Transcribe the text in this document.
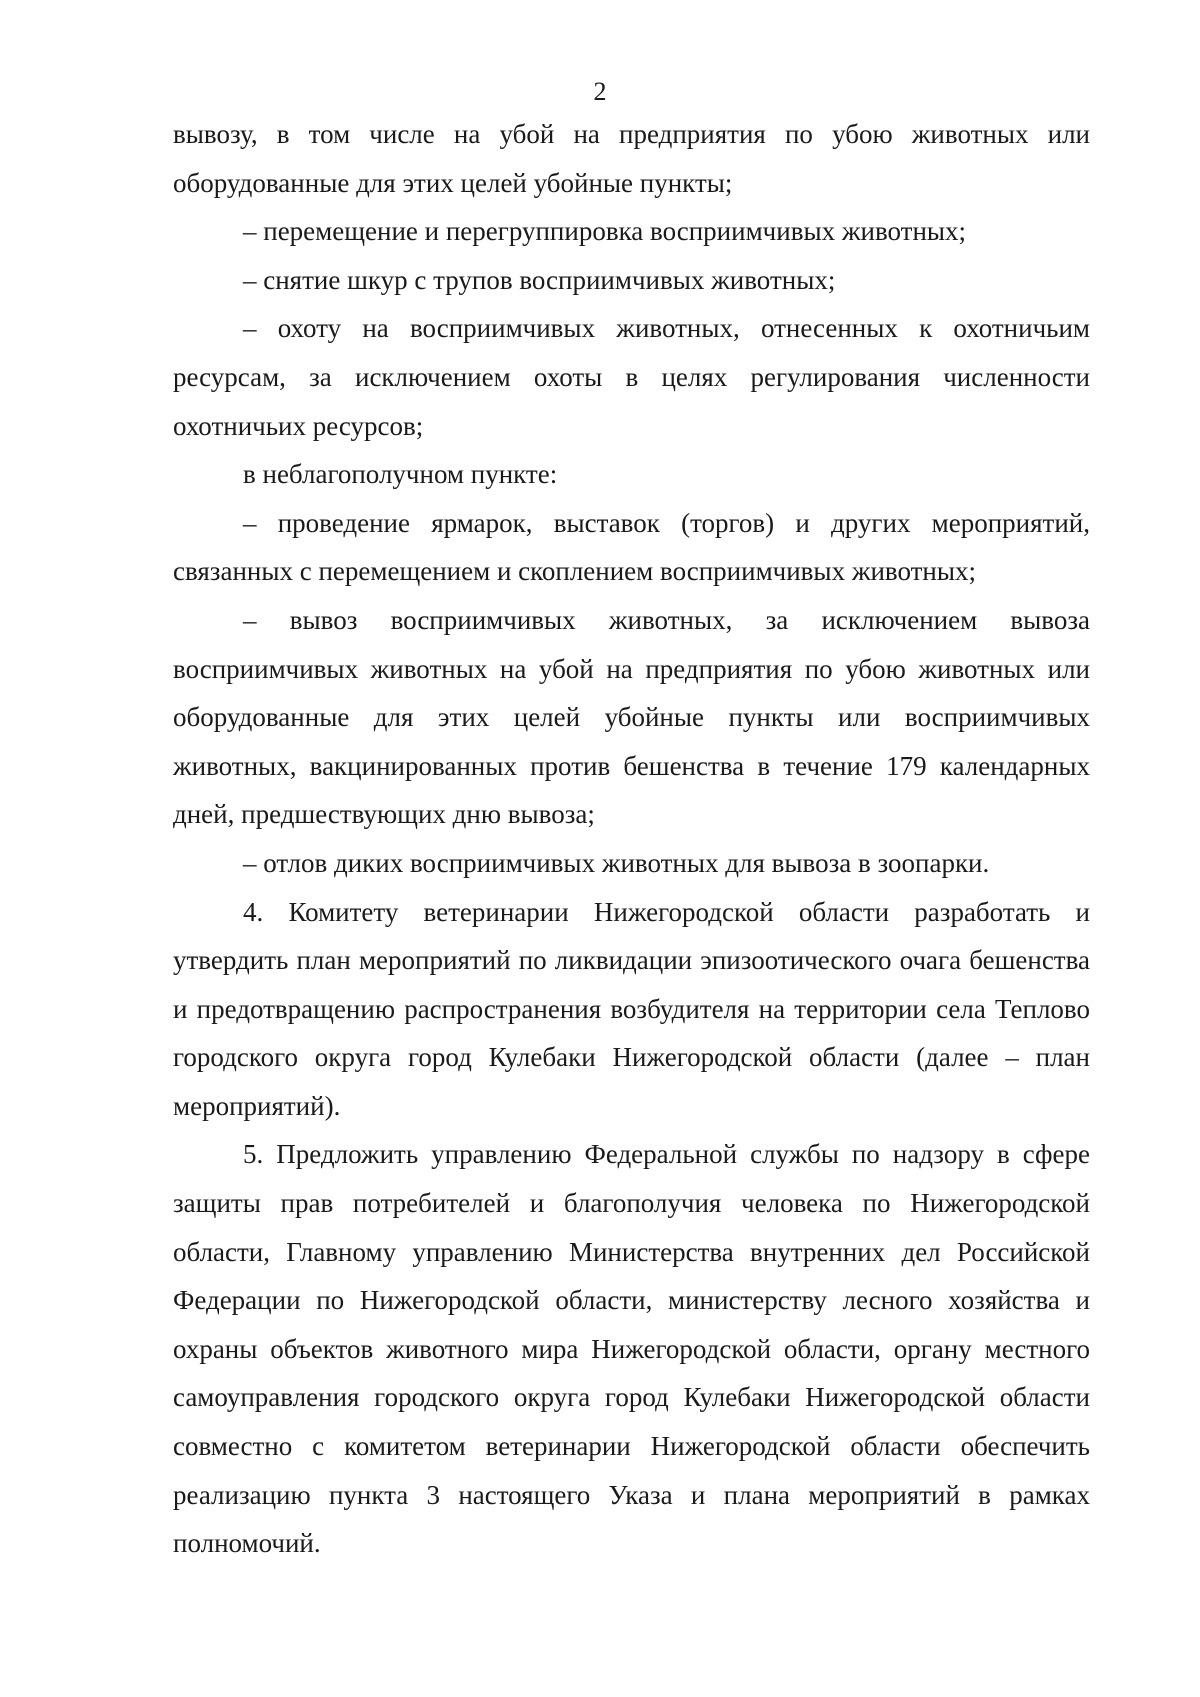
2

вывозу, в том числе на убой на предприятия по убою животных или оборудованные для этих целей убойные пункты;

– перемещение и перегруппировка восприимчивых животных;

– снятие шкур с трупов восприимчивых животных;

– охоту на восприимчивых животных, отнесенных к охотничьим ресурсам, за исключением охоты в целях регулирования численности охотничьих ресурсов;

в неблагополучном пункте:

– проведение ярмарок, выставок (торгов) и других мероприятий, связанных с перемещением и скоплением восприимчивых животных;

– вывоз восприимчивых животных, за исключением вывоза восприимчивых животных на убой на предприятия по убою животных или оборудованные для этих целей убойные пункты или восприимчивых животных, вакцинированных против бешенства в течение 179 календарных дней, предшествующих дню вывоза;

– отлов диких восприимчивых животных для вывоза в зоопарки.

4. Комитету ветеринарии Нижегородской области разработать и утвердить план мероприятий по ликвидации эпизоотического очага бешенства и предотвращению распространения возбудителя на территории села Теплово городского округа город Кулебаки Нижегородской области (далее – план мероприятий).

5. Предложить управлению Федеральной службы по надзору в сфере защиты прав потребителей и благополучия человека по Нижегородской области, Главному управлению Министерства внутренних дел Российской Федерации по Нижегородской области, министерству лесного хозяйства и охраны объектов животного мира Нижегородской области, органу местного самоуправления городского округа город Кулебаки Нижегородской области совместно с комитетом ветеринарии Нижегородской области обеспечить реализацию пункта 3 настоящего Указа и плана мероприятий в рамках полномочий.
